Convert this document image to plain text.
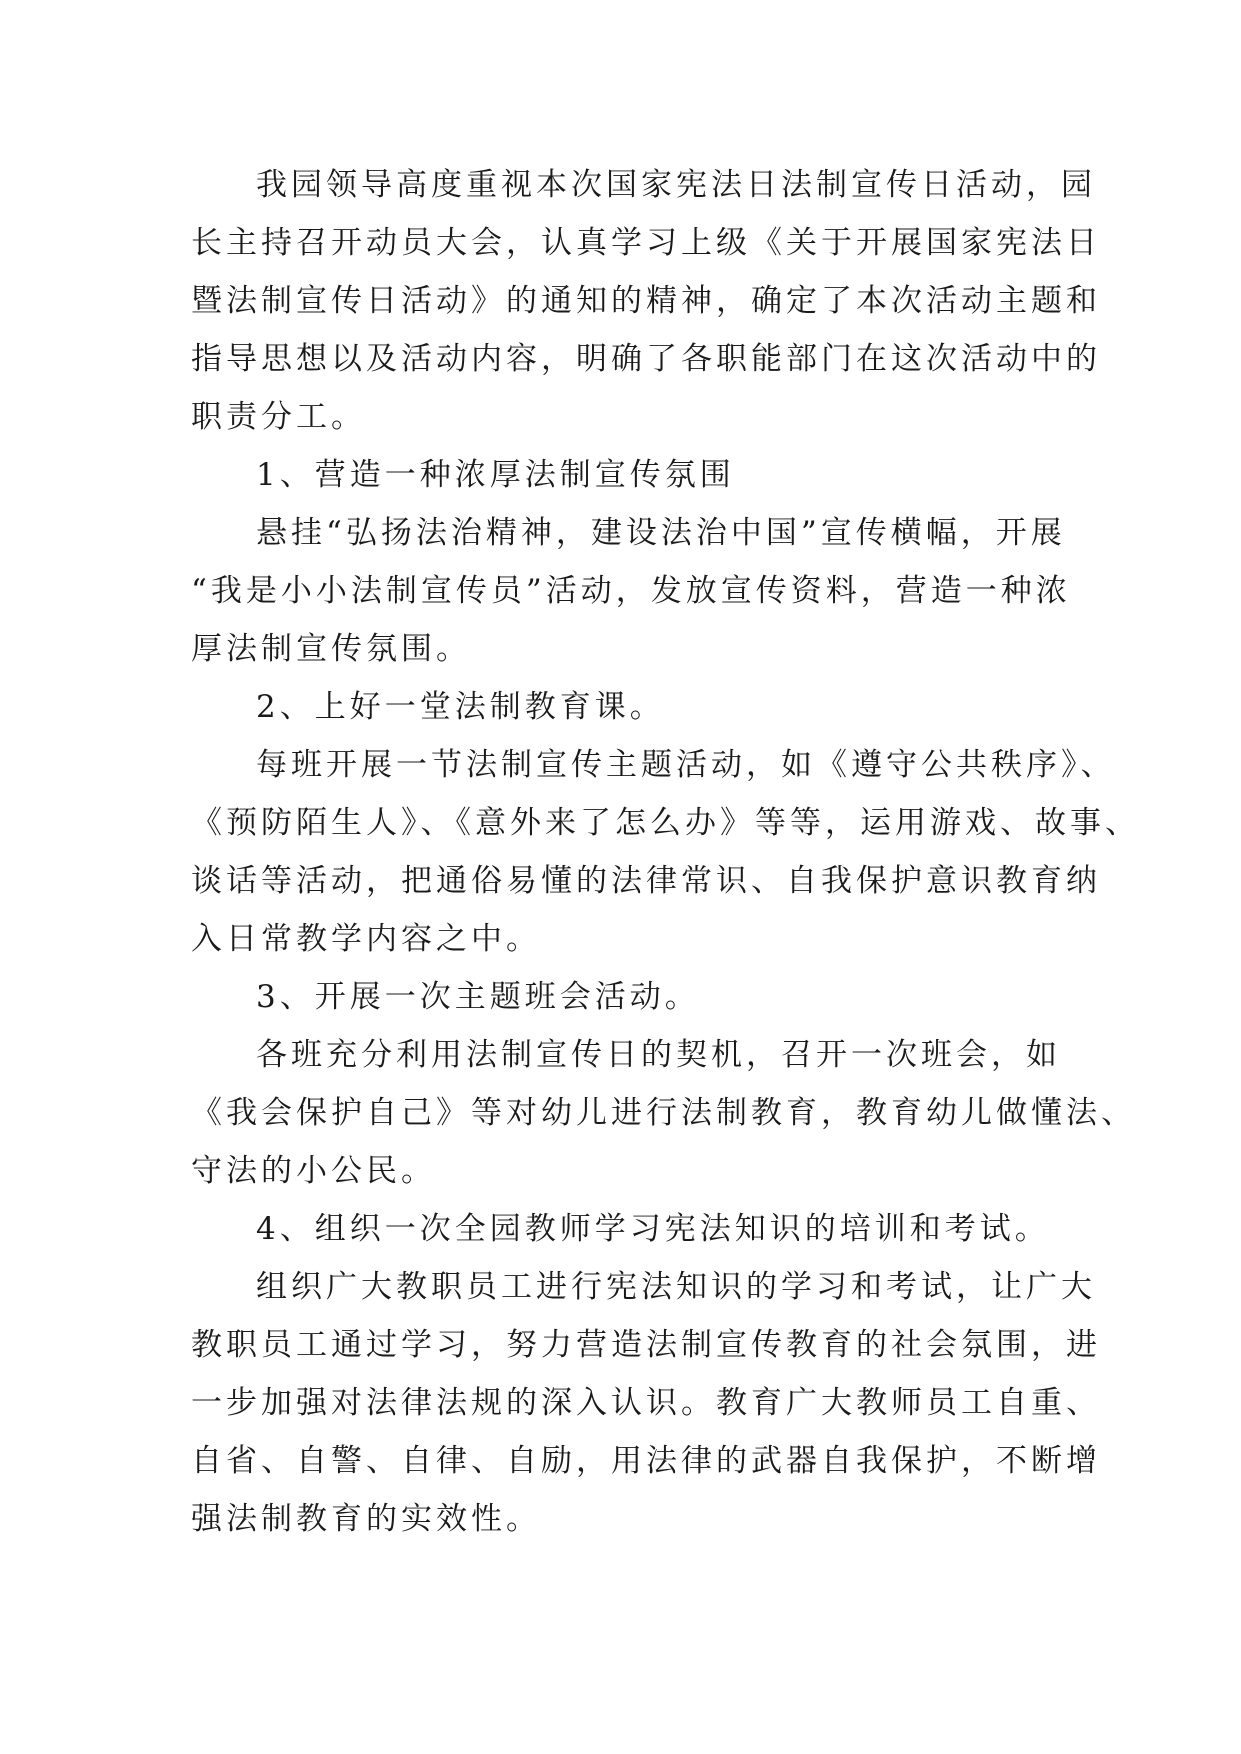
我园领导高度重视本次国家宪法日法制宣传日活动，园
长主持召开动员大会，认真学习上级《关于开展国家宪法日
暨法制宣传日活动》的通知的精神，确定了本次活动主题和
指导思想以及活动内容，明确了各职能部门在这次活动中的
职责分工。

1、营造一种浓厚法制宣传氛围

悬挂“弘扬法治精神，建设法治中国”宣传横幅，开展
“我是小小法制宣传员”活动，发放宣传资料，营造一种浓
厚法制宣传氛围。

2、上好一堂法制教育课。

每班开展一节法制宣传主题活动，如《遵守公共秩序》、
《预防陌生人》、《意外来了怎么办》等等，运用游戏、故事、
谈话等活动，把通俗易懂的法律常识、自我保护意识教育纳
入日常教学内容之中。

3、开展一次主题班会活动。

各班充分利用法制宣传日的契机，召开一次班会，如
《我会保护自己》等对幼儿进行法制教育，教育幼儿做懂法、
守法的小公民。

4、组织一次全园教师学习宪法知识的培训和考试。

组织广大教职员工进行宪法知识的学习和考试，让广大
教职员工通过学习，努力营造法制宣传教育的社会氛围，进
一步加强对法律法规的深入认识。教育广大教师员工自重、
自省、自警、自律、自励，用法律的武器自我保护，不断增
强法制教育的实效性。
